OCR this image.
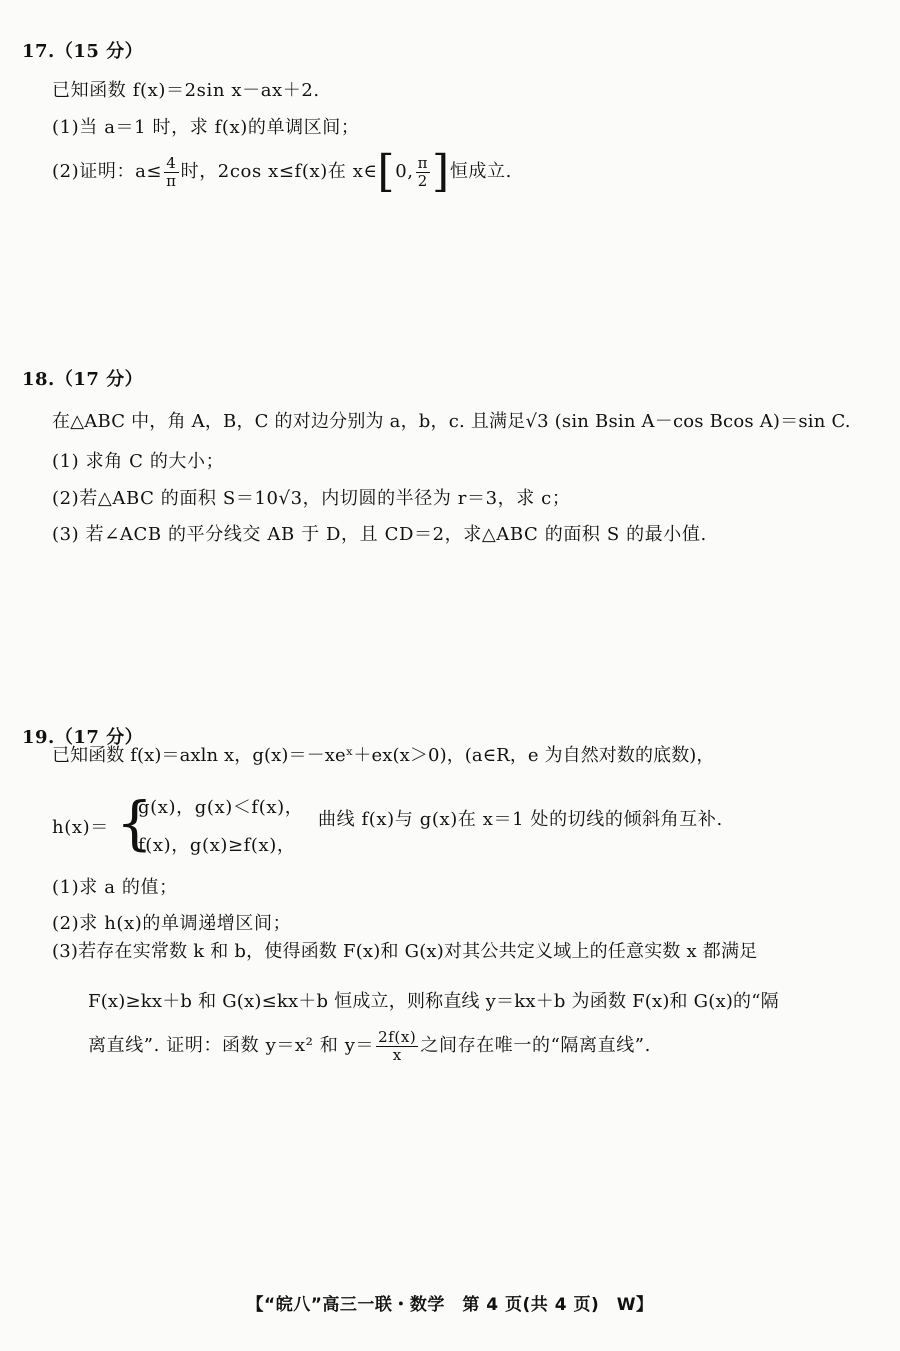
17.（15 分）
已知函数 f(x)＝2sin x－ax＋2.
(1)当 a＝1 时，求 f(x)的单调区间；
(2)证明：$a\le \frac{4}{\pi}$ 时，2cos x≤f(x)在 x∈ [ 0, $\frac{\pi}{2}$ ] 恒成立.
18.（17 分）
在△ABC 中，角 A，B，C 的对边分别为 a，b，c. 且满足√3 (sin Bsin A－cos Bcos A)＝sin C.
(1) 求角 C 的大小；
(2)若△ABC 的面积 S＝10√3，内切圆的半径为 r＝3，求 c；
(3) 若∠ACB 的平分线交 AB 于 D，且 CD＝2，求△ABC 的面积 S 的最小值.
19.（17 分）
已知函数 f(x)＝axln x，g(x)＝－xeˣ＋ex(x＞0)，(a∈R，e 为自然对数的底数)，
h(x)＝ {
g(x)，g(x)＜f(x)，
f(x)，g(x)≥f(x)，
曲线 f(x)与 g(x)在 x＝1 处的切线的倾斜角互补.
(1)求 a 的值；
(2)求 h(x)的单调递增区间；
(3)若存在实常数 k 和 b，使得函数 F(x)和 G(x)对其公共定义域上的任意实数 x 都满足
F(x)≥kx＋b 和 G(x)≤kx＋b 恒成立，则称直线 y＝kx＋b 为函数 F(x)和 G(x)的“隔
离直线”. 证明：函数 y＝x² 和 $y= \frac{2f(x)}{x}$ 之间存在唯一的“隔离直线”.
【“皖八”高三一联・数学　第 4 页(共 4 页)　W】
